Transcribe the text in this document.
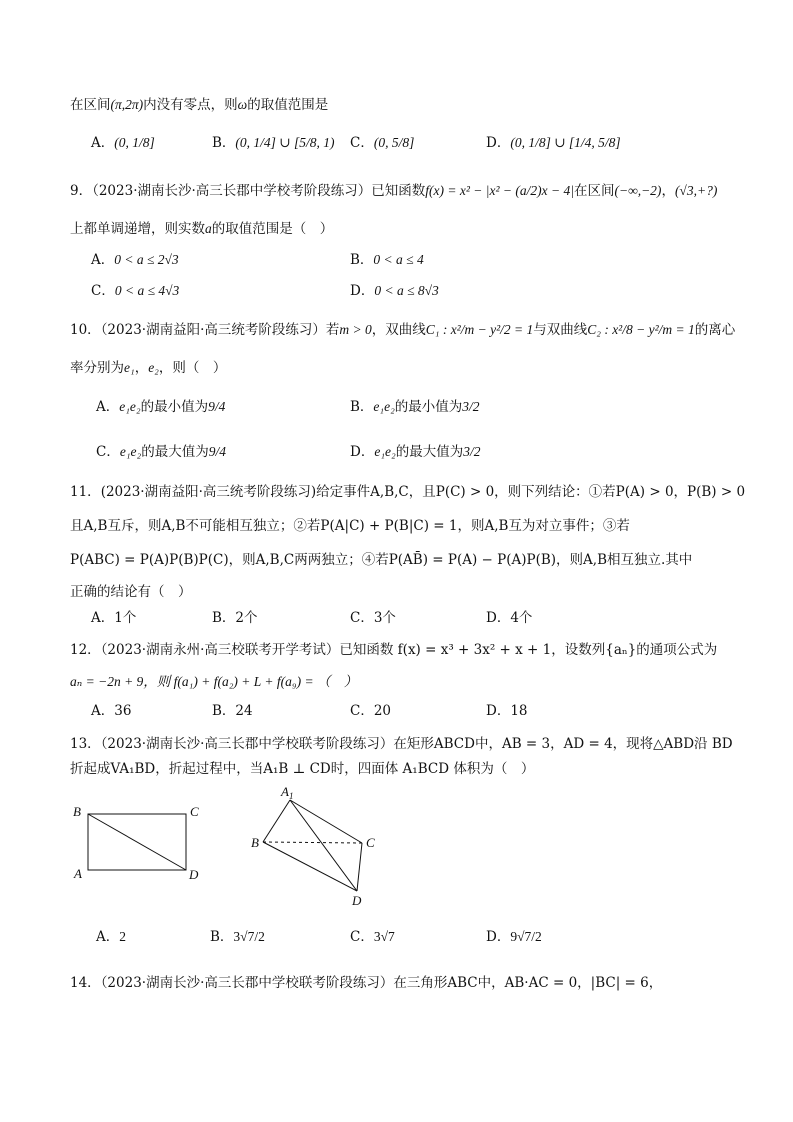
在区间(π,2π)内没有零点，则ω的取值范围是
A．(0, 1/8]	B．(0, 1/4] ∪ [5/8, 1) C．(0, 5/8]	D．(0, 1/8] ∪ [1/4, 5/8]
9．（2023·湖南长沙·高三长郡中学校考阶段练习）已知函数f(x) = x² − |x² − (a/2)x − 4|在区间(−∞,−2)，(√3,+?)
上都单调递增，则实数a的取值范围是（　）
A．0 < a ≤ 2√3	B．0 < a ≤ 4
C．0 < a ≤ 4√3	D．0 < a ≤ 8√3
10．（2023·湖南益阳·高三统考阶段练习）若m > 0，双曲线C₁ : x²/m − y²/2 = 1与双曲线C₂ : x²/8 − y²/m = 1的离心
率分别为e₁，e₂，则（　）
A．e₁e₂的最小值为9/4	B．e₁e₂的最小值为3/2
C．e₁e₂的最大值为9/4	D．e₁e₂的最大值为3/2
11．(2023·湖南益阳·高三统考阶段练习)给定事件A,B,C，且P(C) > 0，则下列结论：①若P(A) > 0，P(B) > 0
且A,B互斥，则A,B不可能相互独立；②若P(A|C) + P(B|C) = 1，则A,B互为对立事件；③若
P(ABC) = P(A)P(B)P(C)，则A,B,C两两独立；④若P(AB̄) = P(A) − P(A)P(B)，则A,B相互独立.其中
正确的结论有（　）
A．1个	B．2个	C．3个	D．4个
12．（2023·湖南永州·高三校联考开学考试）已知函数 f(x) = x³ + 3x² + x + 1，设数列{aₙ}的通项公式为
aₙ = −2n + 9，则 f(a₁) + f(a₂) + L + f(a₉) = （　）
A．36	B．24	C．20	D．18
13．（2023·湖南长沙·高三长郡中学校联考阶段练习）在矩形ABCD中，AB = 3，AD = 4，现将△ABD沿 BD
折起成VA₁BD，折起过程中，当A₁B ⊥ CD时，四面体 A₁BCD 体积为（　）
B	C
A	D
$A_1$
B	C
D
A．2	B．3√7/2	C．3√7	D．9√7/2
14．（2023·湖南长沙·高三长郡中学校联考阶段练习）在三角形ABC中，AB·AC = 0，|BC| = 6，
